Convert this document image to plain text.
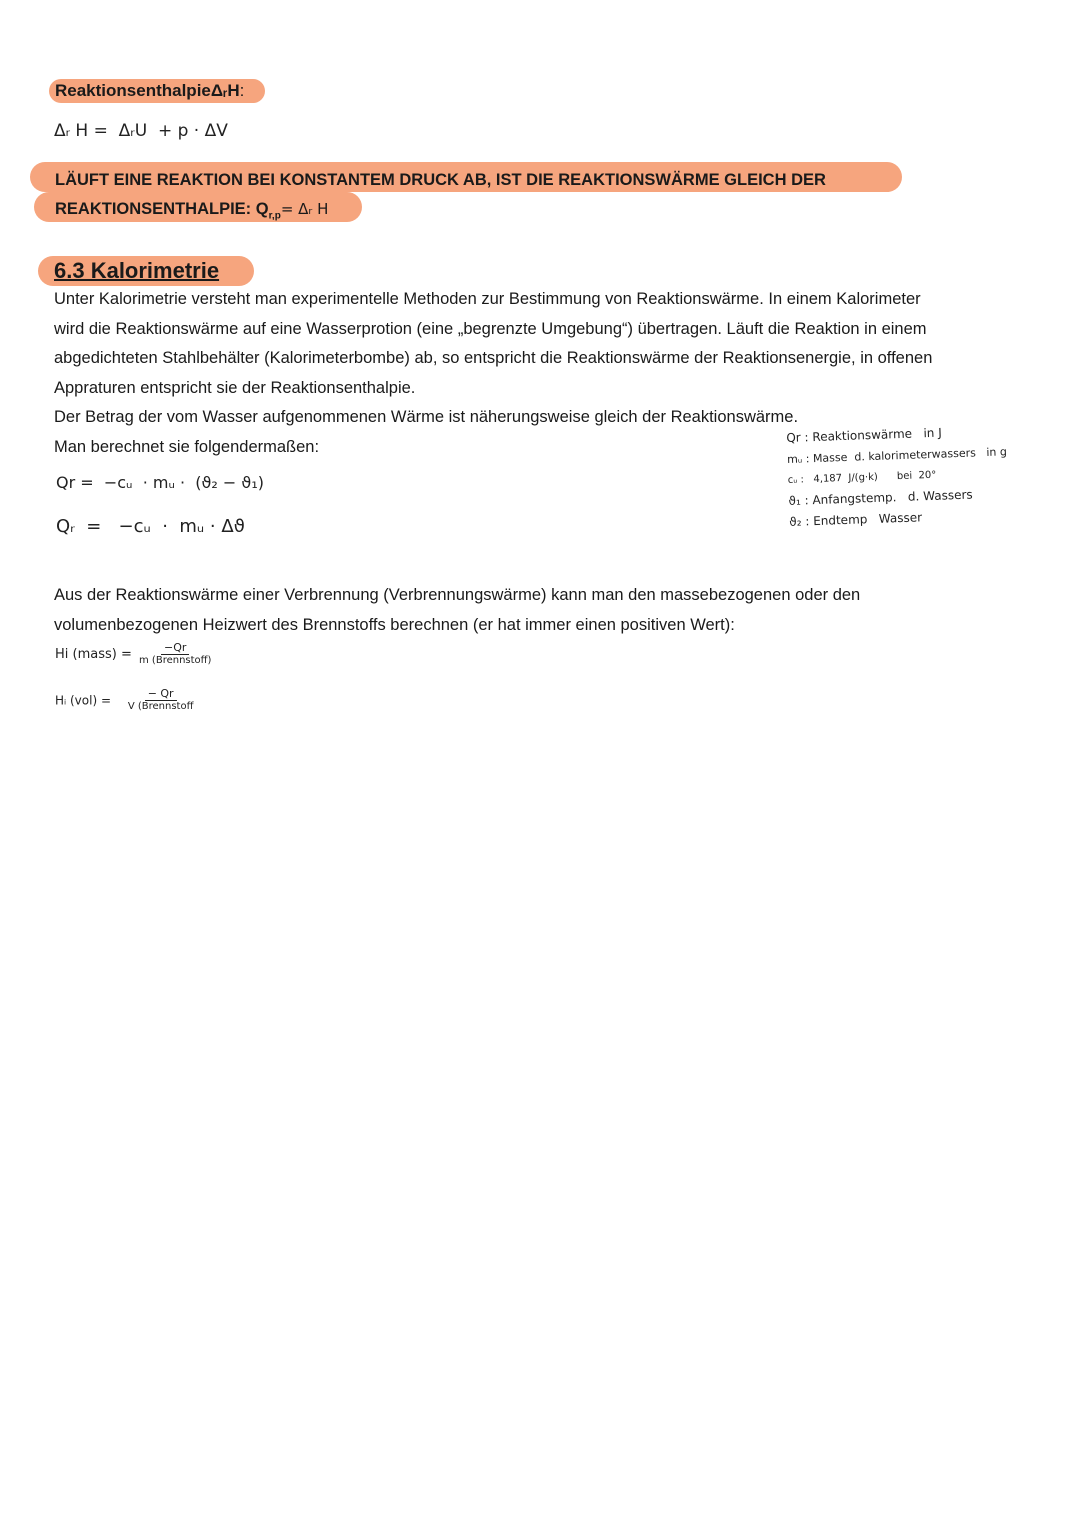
ReaktionsenthalpieΔᵣH:
Δᵣ H =  ΔᵣU  + p · ΔV
LÄUFT EINE REAKTION BEI KONSTANTEM DRUCK AB, IST DIE REAKTIONSWÄRME GLEICH DER
REAKTIONSENTHALPIE: $Q_{r,p}=$ Δᵣ H
6.3 Kalorimetrie
Unter Kalorimetrie versteht man experimentelle Methoden zur Bestimmung von Reaktionswärme. In einem Kalorimeter
wird die Reaktionswärme auf eine Wasserprotion (eine „begrenzte Umgebung“) übertragen. Läuft die Reaktion in einem
abgedichteten Stahlbehälter (Kalorimeterbombe) ab, so entspricht die Reaktionswärme der Reaktionsenergie, in offenen
Appraturen entspricht sie der Reaktionsenthalpie.
Der Betrag der vom Wasser aufgenommenen Wärme ist näherungsweise gleich der Reaktionswärme.
Man berechnet sie folgendermaßen:
Qr =  −cᵤ  · mᵤ ·  (ϑ₂ − ϑ₁)
Qᵣ  =   −cᵤ  ·  mᵤ · Δϑ
Qr : Reaktionswärme   in J
mᵤ : Masse  d. kalorimeterwassers   in g
cᵤ :   4,187  J/(g·k)      bei  20°
ϑ₁ : Anfangstemp.   d. Wassers
ϑ₂ : Endtemp   Wasser
Aus der Reaktionswärme einer Verbrennung (Verbrennungswärme) kann man den massebezogenen oder den
volumenbezogenen Heizwert des Brennstoffs berechnen (er hat immer einen positiven Wert):
Hi (mass) = $\frac{-Qr}{\text{m (Brennstoff)}}$
Hᵢ $(vol) = \frac{- Qr}{\text{V (Brennstoff}}$
